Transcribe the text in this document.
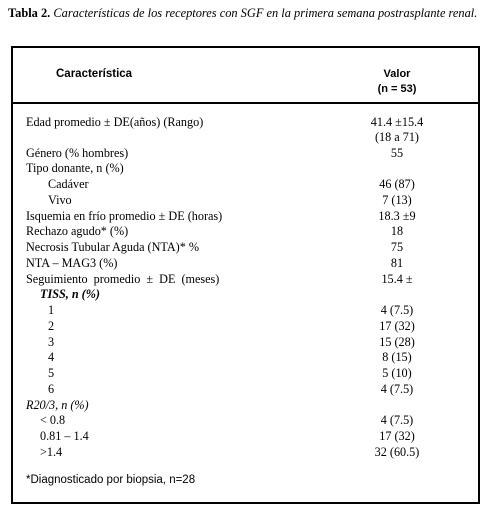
Tabla 2. Características de los receptores con SGF en la primera semana postrasplante renal.
Característica	Valor
(n = 53)
Edad promedio ± DE(años) (Rango)	41.4 ±15.4
(18 a 71)
Género (% hombres)	55
Tipo donante, n (%)
Cadáver	46 (87)
Vivo	7 (13)
Isquemia en frío promedio ± DE (horas)	18.3 ±9
Rechazo agudo* (%)	18
Necrosis Tubular Aguda (NTA)* %	75
NTA – MAG3 (%)	81
Seguimiento promedio ± DE (meses)	15.4 ±
TISS, n (%)
1	4 (7.5)
2	17 (32)
3	15 (28)
4	8 (15)
5	5 (10)
6	4 (7.5)
R20/3, n (%)
< 0.8	4 (7.5)
0.81 – 1.4	17 (32)
>1.4	32 (60.5)
*Diagnosticado por biopsia, n=28
